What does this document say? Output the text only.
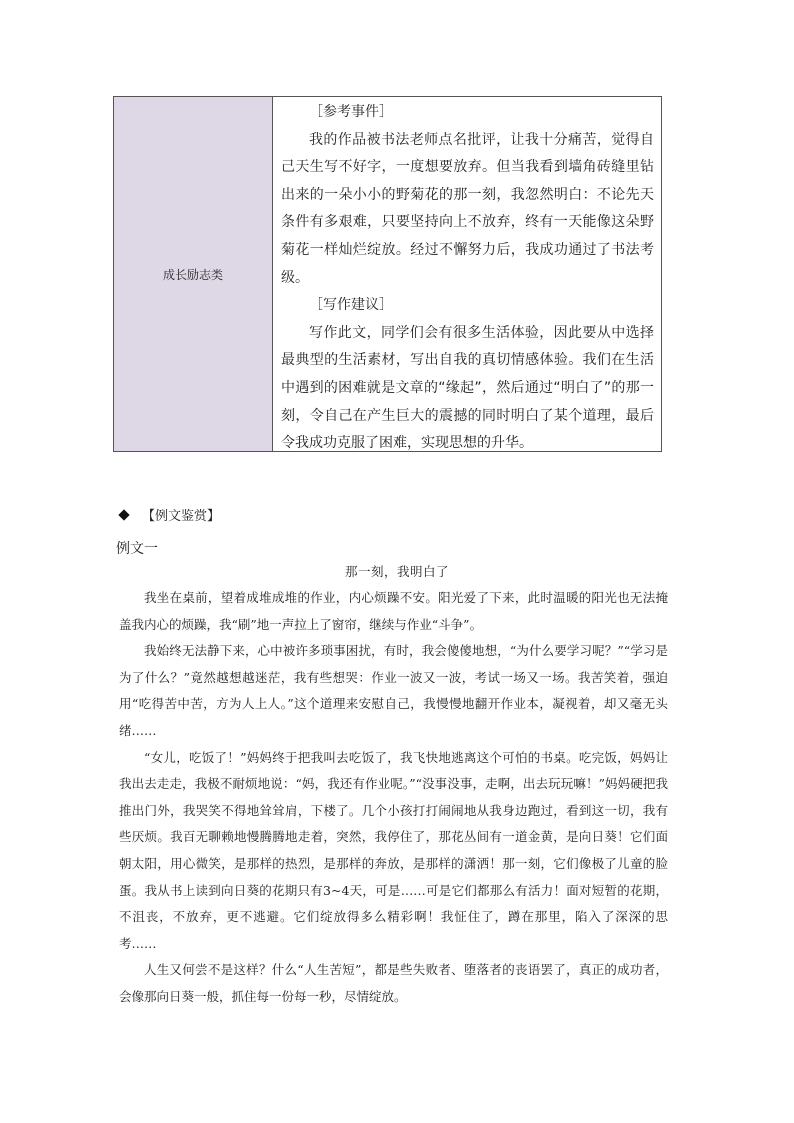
成长励志类

［参考事件］

我的作品被书法老师点名批评，让我十分痛苦，觉得自己天生写不好字，一度想要放弃。但当我看到墙角砖缝里钻出来的一朵小小的野菊花的那一刻，我忽然明白：不论先天条件有多艰难，只要坚持向上不放弃，终有一天能像这朵野菊花一样灿烂绽放。经过不懈努力后，我成功通过了书法考级。

［写作建议］

写作此文，同学们会有很多生活体验，因此要从中选择最典型的生活素材，写出自我的真切情感体验。我们在生活中遇到的困难就是文章的“缘起”，然后通过“明白了”的那一刻，令自己在产生巨大的震撼的同时明白了某个道理，最后令我成功克服了困难，实现思想的升华。

【例文鉴赏】
例文一
那一刻，我明白了

我坐在桌前，望着成堆成堆的作业，内心烦躁不安。阳光爱了下来，此时温暖的阳光也无法掩盖我内心的烦躁，我“刷”地一声拉上了窗帘，继续与作业“斗争”。

我始终无法静下来，心中被许多琐事困扰，有时，我会傻傻地想，“为什么要学习呢？”“学习是为了什么？”竟然越想越迷茫，我有些想哭：作业一波又一波，考试一场又一场。我苦笑着，强迫用“吃得苦中苦，方为人上人。”这个道理来安慰自己，我慢慢地翻开作业本，凝视着，却又毫无头绪……

“女儿，吃饭了！”妈妈终于把我叫去吃饭了，我飞快地逃离这个可怕的书桌。吃完饭，妈妈让我出去走走，我极不耐烦地说：“妈，我还有作业呢。”“没事没事，走啊，出去玩玩嘛！”妈妈硬把我推出门外，我哭笑不得地耸耸肩，下楼了。几个小孩打打闹闹地从我身边跑过，看到这一切，我有些厌烦。我百无聊赖地慢腾腾地走着，突然，我停住了，那花丛间有一道金黄，是向日葵！它们面朝太阳，用心微笑，是那样的热烈，是那样的奔放，是那样的潇洒！那一刻，它们像极了儿童的脸蛋。我从书上读到向日葵的花期只有3~4天，可是……可是它们都那么有活力！面对短暂的花期，不沮丧，不放弃，更不逃避。它们绽放得多么精彩啊！我怔住了，蹲在那里，陷入了深深的思考……

人生又何尝不是这样？什么“人生苦短”，都是些失败者、堕落者的丧语罢了，真正的成功者，会像那向日葵一般，抓住每一份每一秒，尽情绽放。
